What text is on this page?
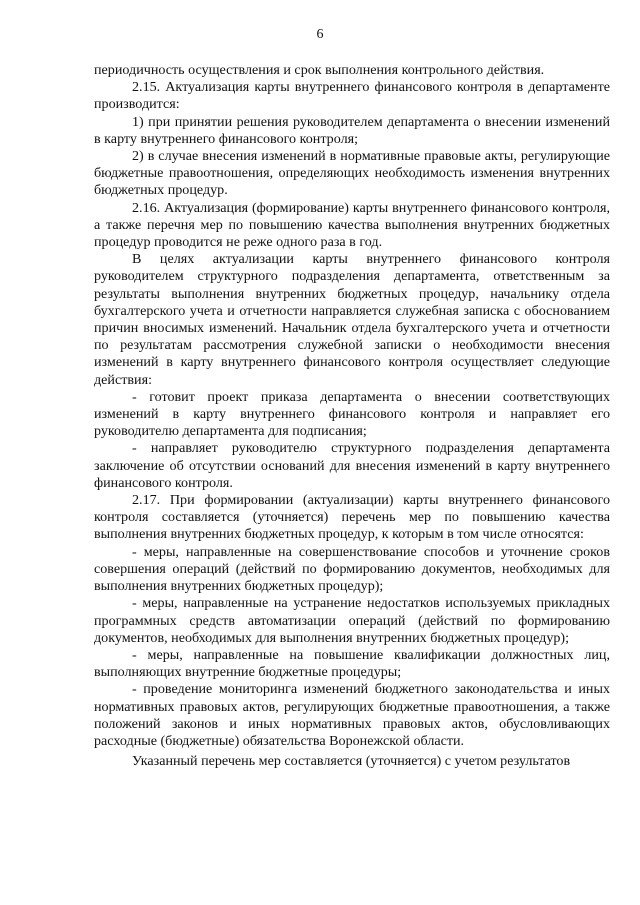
6

периодичность осуществления и срок выполнения контрольного действия.

2.15. Актуализация карты внутреннего финансового контроля в департаменте производится:

1) при принятии решения руководителем департамента о внесении изменений в карту внутреннего финансового контроля;

2) в случае внесения изменений в нормативные правовые акты, регулирующие бюджетные правоотношения, определяющих необходимость изменения внутренних бюджетных процедур.

2.16. Актуализация (формирование) карты внутреннего финансового контроля, а также перечня мер по повышению качества выполнения внутренних бюджетных процедур проводится не реже одного раза в год.

В целях актуализации карты внутреннего финансового контроля руководителем структурного подразделения департамента, ответственным за результаты выполнения внутренних бюджетных процедур, начальнику отдела бухгалтерского учета и отчетности направляется служебная записка с обоснованием причин вносимых изменений. Начальник отдела бухгалтерского учета и отчетности по результатам рассмотрения служебной записки о необходимости внесения изменений в карту внутреннего финансового контроля осуществляет следующие действия:

- готовит проект приказа департамента о внесении соответствующих изменений в карту внутреннего финансового контроля и направляет его руководителю департамента для подписания;

- направляет руководителю структурного подразделения департамента заключение об отсутствии оснований для внесения изменений в карту внутреннего финансового контроля.

2.17. При формировании (актуализации) карты внутреннего финансового контроля составляется (уточняется) перечень мер по повышению качества выполнения внутренних бюджетных процедур, к которым в том числе относятся:

- меры, направленные на совершенствование способов и уточнение сроков совершения операций (действий по формированию документов, необходимых для выполнения внутренних бюджетных процедур);

- меры, направленные на устранение недостатков используемых прикладных программных средств автоматизации операций (действий по формированию документов, необходимых для выполнения внутренних бюджетных процедур);

- меры, направленные на повышение квалификации должностных лиц, выполняющих внутренние бюджетные процедуры;

- проведение мониторинга изменений бюджетного законодательства и иных нормативных правовых актов, регулирующих бюджетные правоотношения, а также положений законов и иных нормативных правовых актов, обусловливающих расходные (бюджетные) обязательства Воронежской области.

Указанный перечень мер составляется (уточняется) с учетом результатов
